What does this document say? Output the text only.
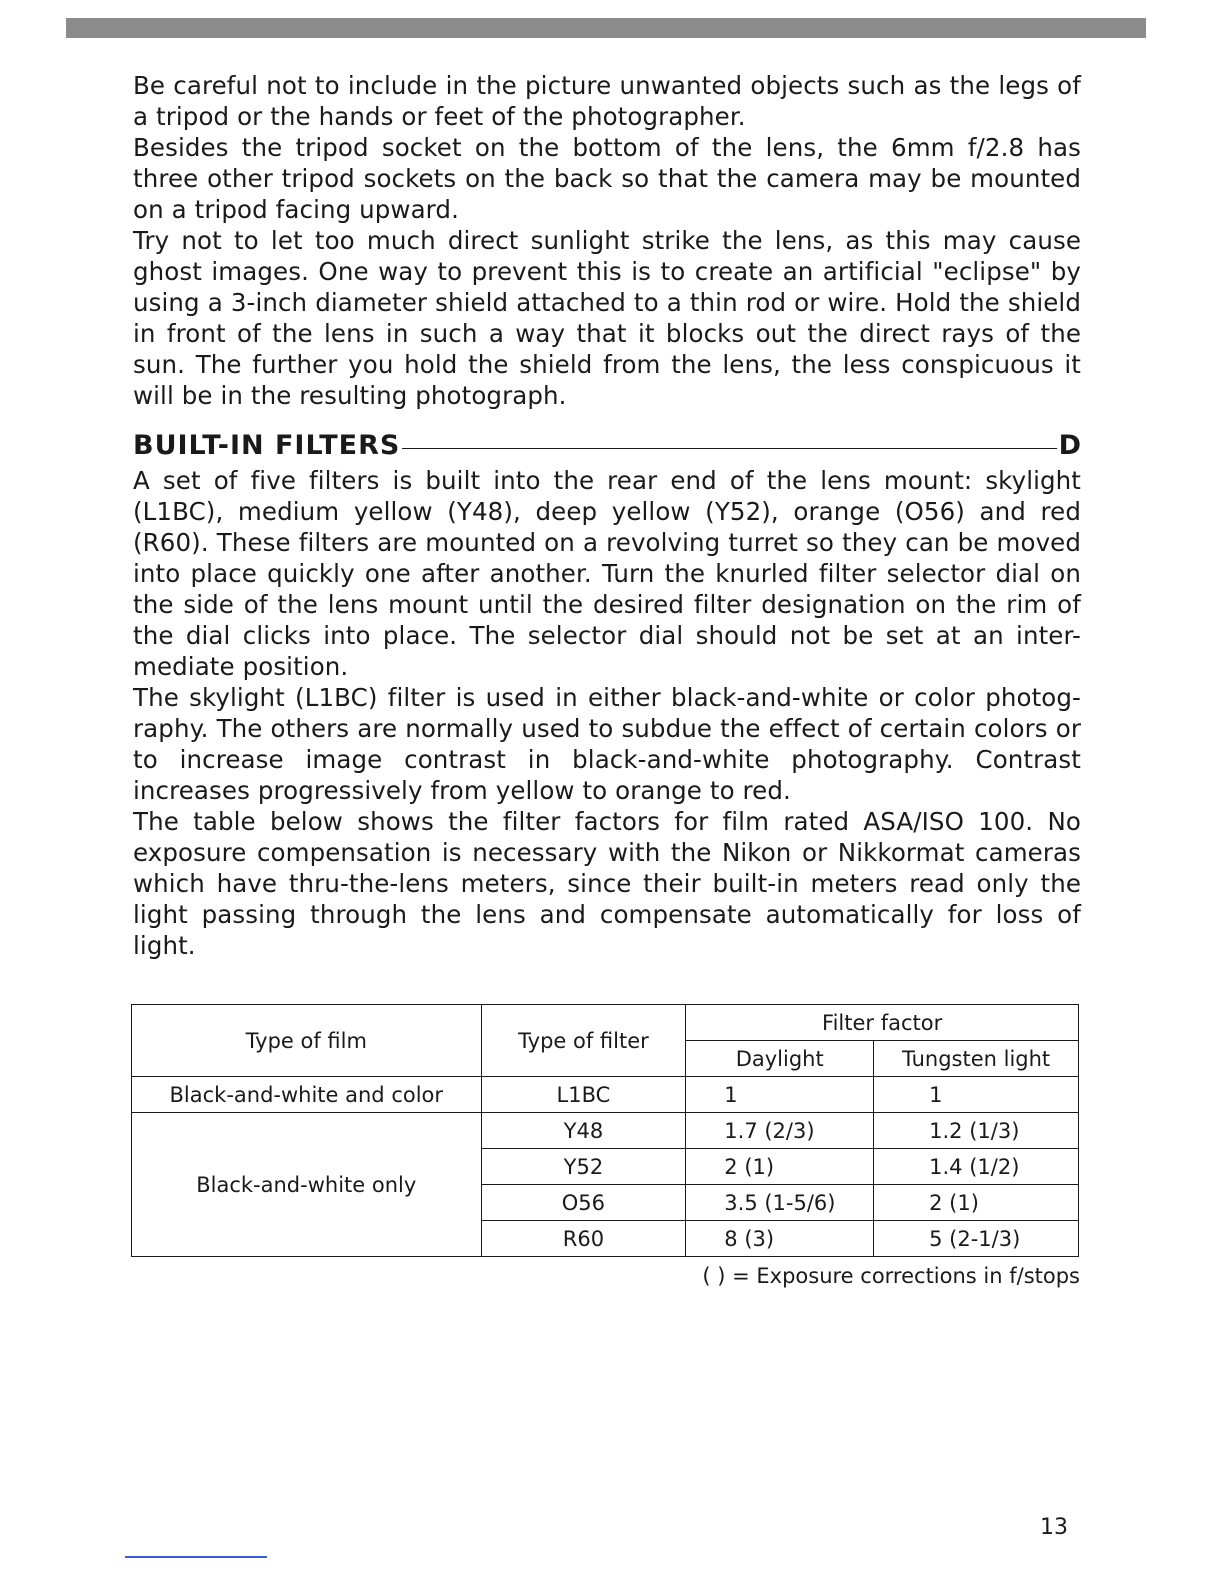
Be careful not to include in the picture unwanted objects such as the legs of a tripod or the hands or feet of the photographer.

Besides the tripod socket on the bottom of the lens, the 6mm f/2.8 has three other tripod sockets on the back so that the camera may be mounted on a tripod facing upward.

Try not to let too much direct sunlight strike the lens, as this may cause ghost images. One way to prevent this is to create an artificial "eclipse" by using a 3-inch diameter shield attached to a thin rod or wire. Hold the shield in front of the lens in such a way that it blocks out the direct rays of the sun. The further you hold the shield from the lens, the less conspicuous it will be in the resulting photograph.

BUILT-IN FILTERS	D

A set of five filters is built into the rear end of the lens mount: skylight (L1BC), medium yellow (Y48), deep yellow (Y52), orange (O56) and red (R60). These filters are mounted on a revolving turret so they can be moved into place quickly one after another. Turn the knurled filter selector dial on the side of the lens mount until the desired filter designation on the rim of the dial clicks into place. The selector dial should not be set at an inter-mediate position.

The skylight (L1BC) filter is used in either black-and-white or color photog-raphy. The others are normally used to subdue the effect of certain colors or to increase image contrast in black-and-white photography. Contrast increases progressively from yellow to orange to red.

The table below shows the filter factors for film rated ASA/ISO 100. No exposure compensation is necessary with the Nikon or Nikkormat cameras which have thru-the-lens meters, since their built-in meters read only the light passing through the lens and compensate automatically for loss of light.

Type of film	Type of filter	Filter factor	
		Daylight	Tungsten light
Black-and-white and color	L1BC	1	1
Black-and-white only	Y48	1.7 (2/3)	1.2 (1/3)
	Y52	2 (1)	1.4 (1/2)
	O56	3.5 (1-5/6)	2 (1)
	R60	8 (3)	5 (2-1/3)
( ) = Exposure corrections in f/stops
13
